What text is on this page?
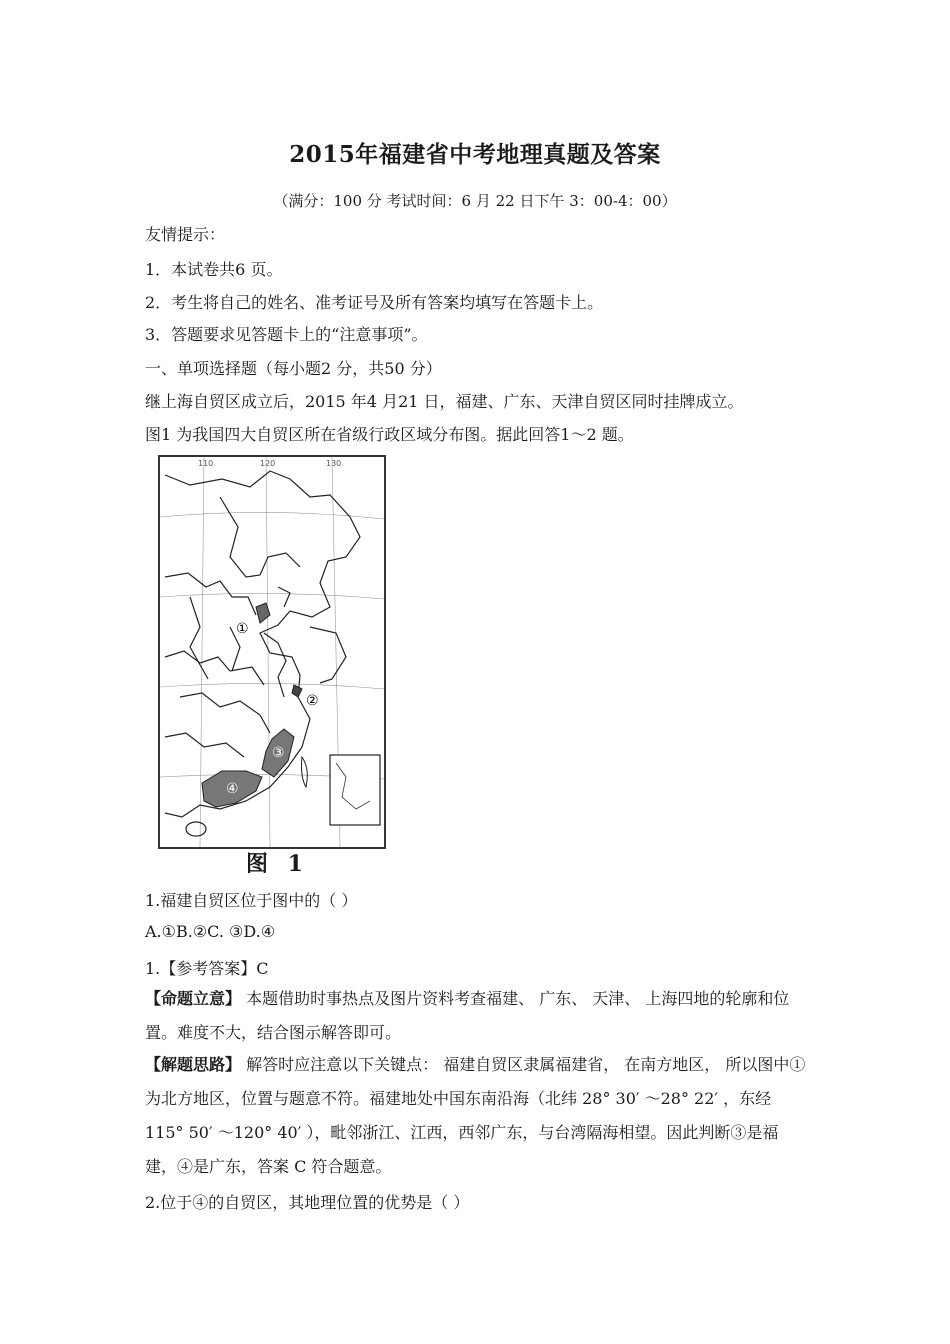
2015年福建省中考地理真题及答案
（满分：100 分 考试时间：6 月 22 日下午 3：00-4：00）
友情提示：
1．本试卷共6 页。
2．考生将自己的姓名、准考证号及所有答案均填写在答题卡上。
3．答题要求见答题卡上的“注意事项”。
一、单项选择题（每小题2 分，共50 分）
继上海自贸区成立后，2015 年4 月21 日，福建、广东、天津自贸区同时挂牌成立。
图1 为我国四大自贸区所在省级行政区域分布图。据此回答1～2 题。
110	120	130
①
②
③
④
图 1
1.福建自贸区位于图中的（ ）
A.①B.②C. ③D.④
1.【参考答案】C
【命题立意】 本题借助时事热点及图片资料考查福建、 广东、 天津、 上海四地的轮廓和位置。难度不大，结合图示解答即可。
【解题思路】 解答时应注意以下关键点： 福建自贸区隶属福建省， 在南方地区， 所以图中①为北方地区，位置与题意不符。福建地处中国东南沿海（北纬 28° 30′ ～28° 22′ ，东经 115° 50′ ～120° 40′ ），毗邻浙江、江西，西邻广东，与台湾隔海相望。因此判断③是福建，④是广东，答案 C 符合题意。
2.位于④的自贸区，其地理位置的优势是（ ）
